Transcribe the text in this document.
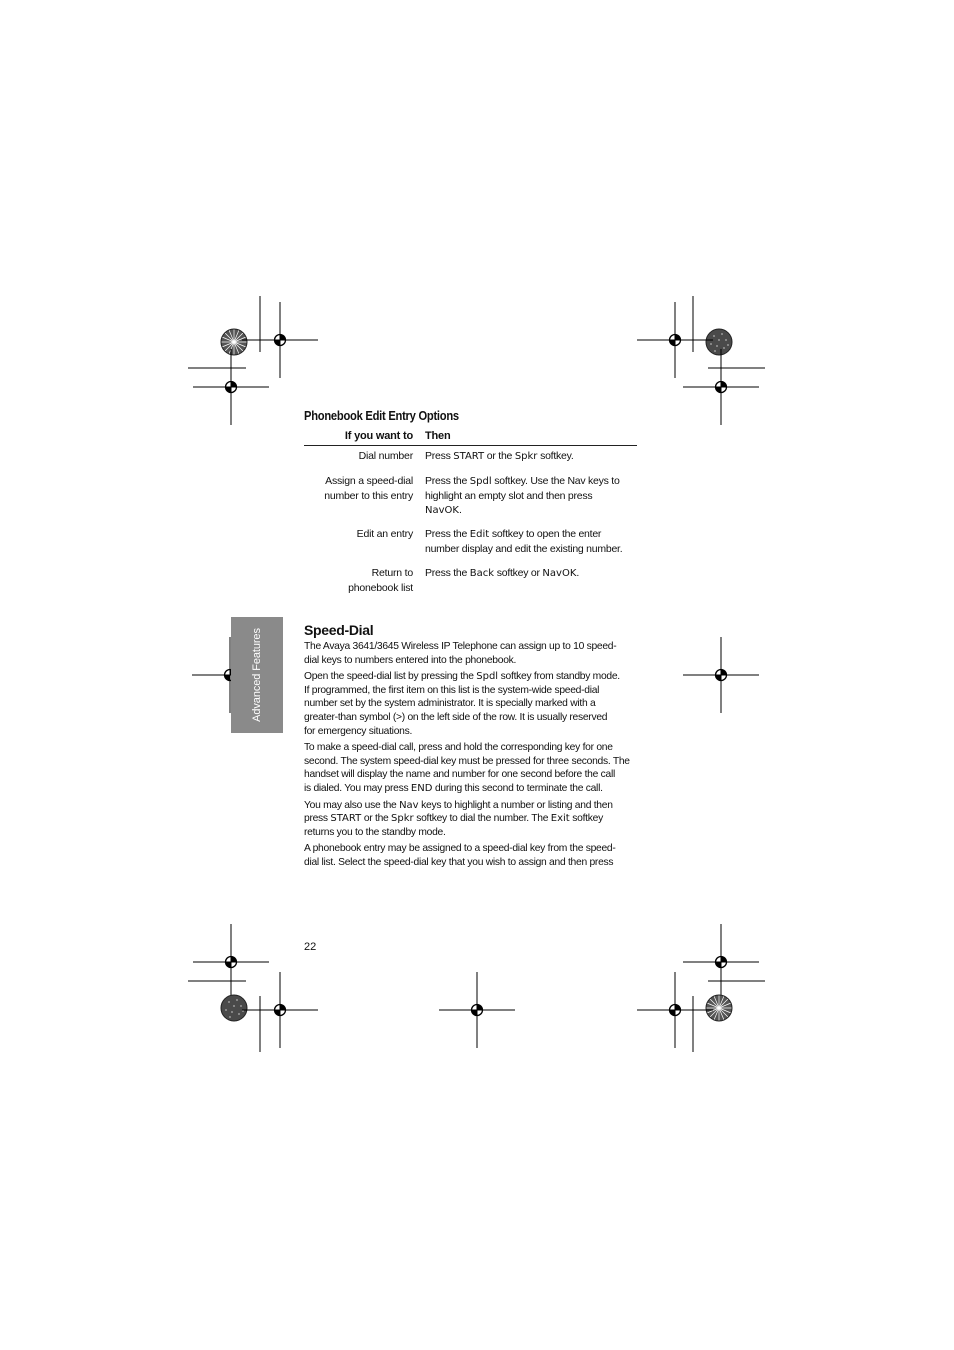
Phonebook Edit Entry Options
If you want to Then
Dial number Press START or the Spkr softkey.
Assign a speed-dial
number to this entry
Press the Spdl softkey. Use the Nav keys to
highlight an empty slot and then press
NavOK.
Edit an entry Press the Edit softkey to open the enter
number display and edit the existing number.
Return to
phonebook list
Press the Back softkey or NavOK.
Speed-Dial

The Avaya 3641/3645 Wireless IP Telephone can assign up to 10 speed-
dial keys to numbers entered into the phonebook.

Open the speed-dial list by pressing the Spdl softkey from standby mode.
If programmed, the first item on this list is the system-wide speed-dial
number set by the system administrator. It is specially marked with a
greater-than symbol (>) on the left side of the row. It is usually reserved
for emergency situations.

To make a speed-dial call, press and hold the corresponding key for one
second. The system speed-dial key must be pressed for three seconds. The
handset will display the name and number for one second before the call
is dialed. You may press END during this second to terminate the call.

You may also use the Nav keys to highlight a number or listing and then
press START or the Spkr softkey to dial the number. The Exit softkey
returns you to the standby mode.

A phonebook entry may be assigned to a speed-dial key from the speed-
dial list. Select the speed-dial key that you wish to assign and then press

Advanced Features
22
